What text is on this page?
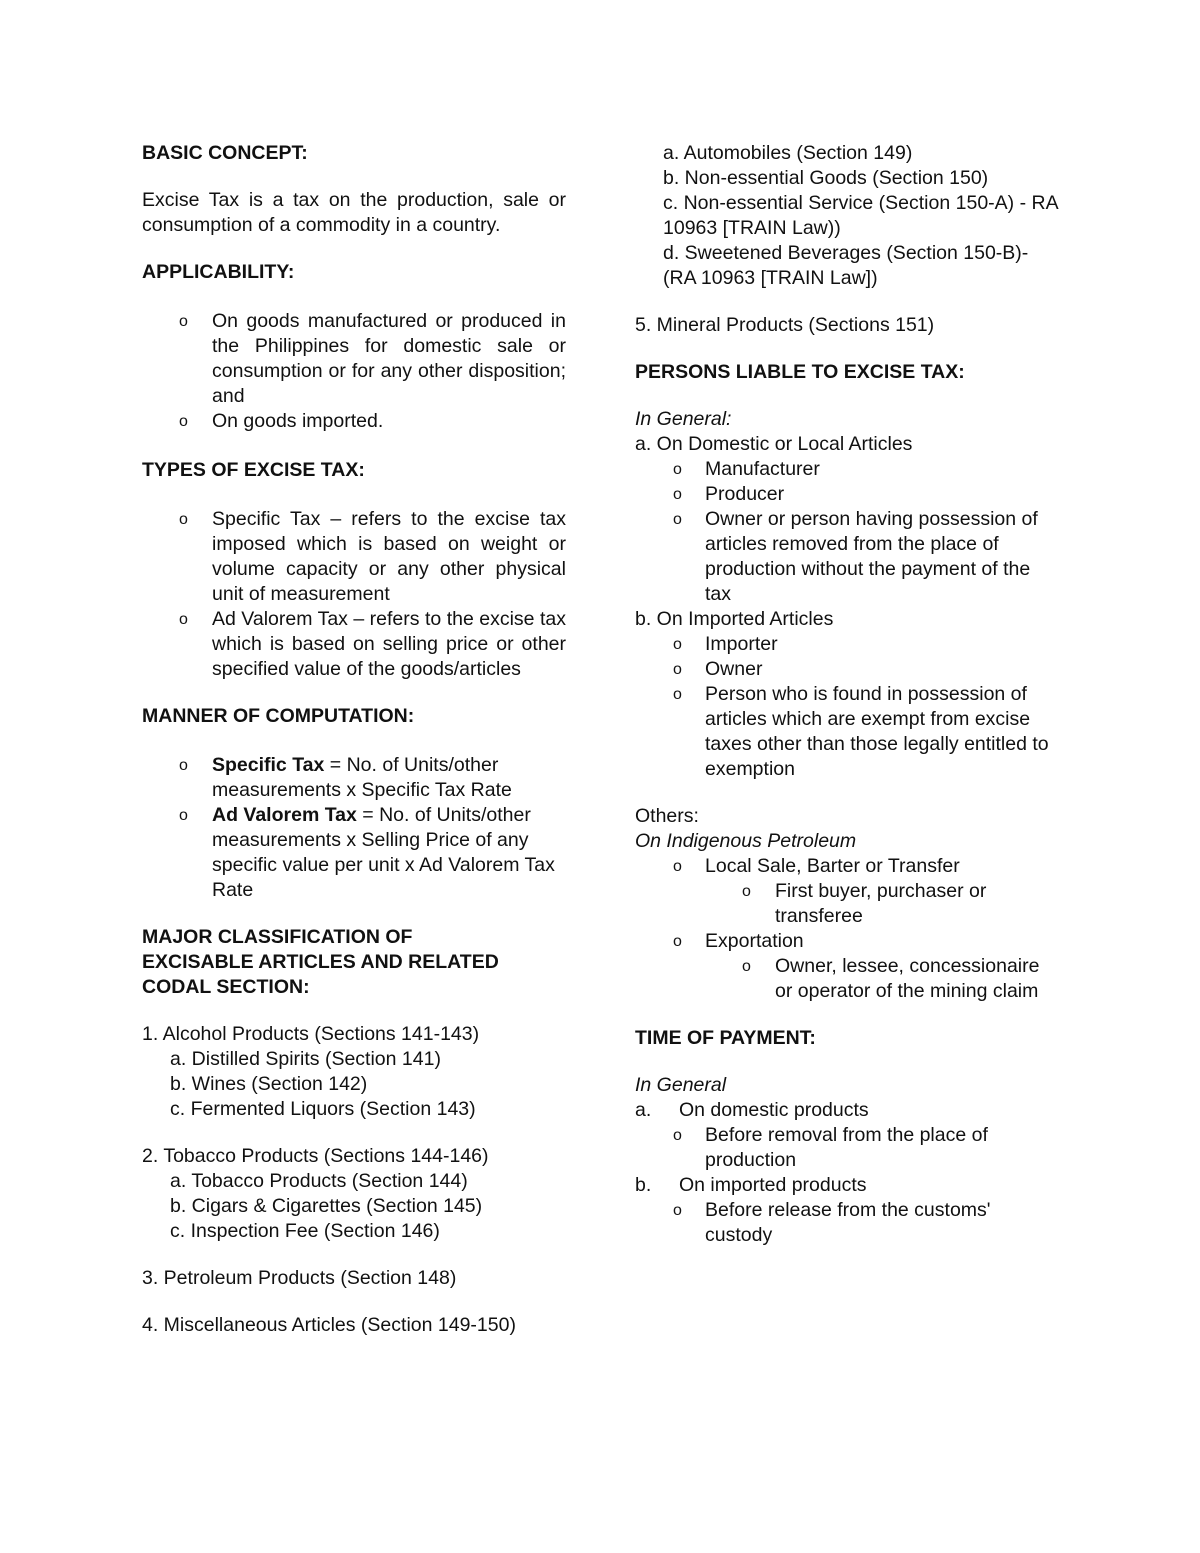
BASIC CONCEPT:

Excise Tax is a tax on the production, sale or consumption of a commodity in a country.

APPLICABILITY:

o On goods manufactured or produced in the Philippines for domestic sale or consumption or for any other disposition; and
o On goods imported.

TYPES OF EXCISE TAX:

o Specific Tax – refers to the excise tax imposed which is based on weight or volume capacity or any other physical unit of measurement
o Ad Valorem Tax – refers to the excise tax which is based on selling price or other specified value of the goods/articles

MANNER OF COMPUTATION:

o Specific Tax = No. of Units/other measurements x Specific Tax Rate
o Ad Valorem Tax = No. of Units/other measurements x Selling Price of any specific value per unit x Ad Valorem Tax Rate

MAJOR CLASSIFICATION OF

EXCISABLE ARTICLES AND RELATED

CODAL SECTION:

1. Alcohol Products (Sections 141-143)

a. Distilled Spirits (Section 141)

b. Wines (Section 142)

c. Fermented Liquors (Section 143)

2. Tobacco Products (Sections 144-146)

a. Tobacco Products (Section 144)

b. Cigars & Cigarettes (Section 145)

c. Inspection Fee (Section 146)

3. Petroleum Products (Section 148)

4. Miscellaneous Articles (Section 149-150)

a. Automobiles (Section 149)

b. Non-essential Goods (Section 150)

c. Non-essential Service (Section 150-A) - RA 10963 [TRAIN Law))

d. Sweetened Beverages (Section 150-B)-(RA 10963 [TRAIN Law])

5. Mineral Products (Sections 151)

PERSONS LIABLE TO EXCISE TAX:

In General:

a. On Domestic or Local Articles

o Manufacturer
o Producer
o Owner or person having possession of articles removed from the place of production without the payment of the tax

b. On Imported Articles

o Importer
o Owner
o Person who is found in possession of articles which are exempt from excise taxes other than those legally entitled to exemption

Others:

On Indigenous Petroleum

o Local Sale, Barter or Transfer
o First buyer, purchaser or transferee
o Exportation
o Owner, lessee, concessionaire or operator of the mining claim

TIME OF PAYMENT:

In General

a. On domestic products

o Before removal from the place of production

b. On imported products

o Before release from the customs' custody
